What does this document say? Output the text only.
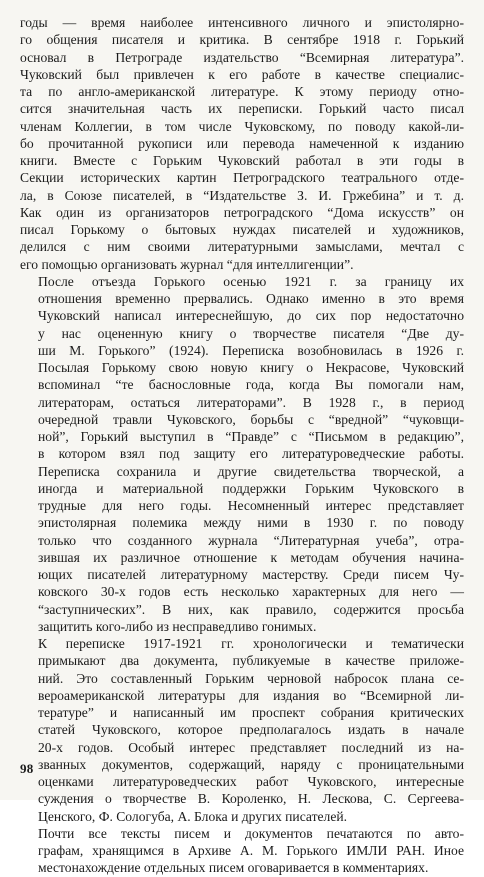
годы — время наиболее интенсивного личного и эпистолярно-
го общения писателя и критика. В сентябре 1918 г. Горький
основал в Петрограде издательство “Всемирная литература”.
Чуковский был привлечен к его работе в качестве специалис-
та по англо-американской литературе. К этому периоду отно-
сится значительная часть их переписки. Горький часто писал
членам Коллегии, в том числе Чуковскому, по поводу какой-ли-
бо прочитанной рукописи или перевода намеченной к изданию
книги. Вместе с Горьким Чуковский работал в эти годы в
Секции исторических картин Петроградского театрального отде-
ла, в Союзе писателей, в “Издательстве З. И. Гржебина” и т. д.
Как один из организаторов петроградского “Дома искусств” он
писал Горькому о бытовых нуждах писателей и художников,
делился с ним своими литературными замыслами, мечтал с
его помощью организовать журнал “для интеллигенции”.

После отъезда Горького осенью 1921 г. за границу их
отношения временно прервались. Однако именно в это время
Чуковский написал интереснейшую, до сих пор недостаточно
у нас оцененную книгу о творчестве писателя “Две ду-
ши М. Горького” (1924). Переписка возобновилась в 1926 г.
Посылая Горькому свою новую книгу о Некрасове, Чуковский
вспоминал “те баснословные года, когда Вы помогали нам,
литераторам, остаться литераторами”. В 1928 г., в период
очередной травли Чуковского, борьбы с “вредной” “чуковщи-
ной”, Горький выступил в “Правде” с “Письмом в редакцию”,
в котором взял под защиту его литературоведческие работы.
Переписка сохранила и другие свидетельства творческой, а
иногда и материальной поддержки Горьким Чуковского в
трудные для него годы. Несомненный интерес представляет
эпистолярная полемика между ними в 1930 г. по поводу
только что созданного журнала “Литературная учеба”, отра-
зившая их различное отношение к методам обучения начина-
ющих писателей литературному мастерству. Среди писем Чу-
ковского 30-х годов есть несколько характерных для него —
“заступнических”. В них, как правило, содержится просьба
защитить кого-либо из несправедливо гонимых.

К переписке 1917-1921 гг. хронологически и тематически
примыкают два документа, публикуемые в качестве приложе-
ний. Это составленный Горьким черновой набросок плана се-
вероамериканской литературы для издания во “Всемирной ли-
тературе” и написанный им проспект собрания критических
статей Чуковского, которое предполагалось издать в начале
20-х годов. Особый интерес представляет последний из на-
званных документов, содержащий, наряду с проницательными
оценками литературоведческих работ Чуковского, интересные
суждения о творчестве В. Короленко, Н. Лескова, С. Сергеева-
Ценского, Ф. Сологуба, А. Блока и других писателей.

Почти все тексты писем и документов печатаются по авто-
графам, хранящимся в Архиве А. М. Горького ИМЛИ РАН. Иное
местонахождение отдельных писем оговаривается в комментариях.

98
